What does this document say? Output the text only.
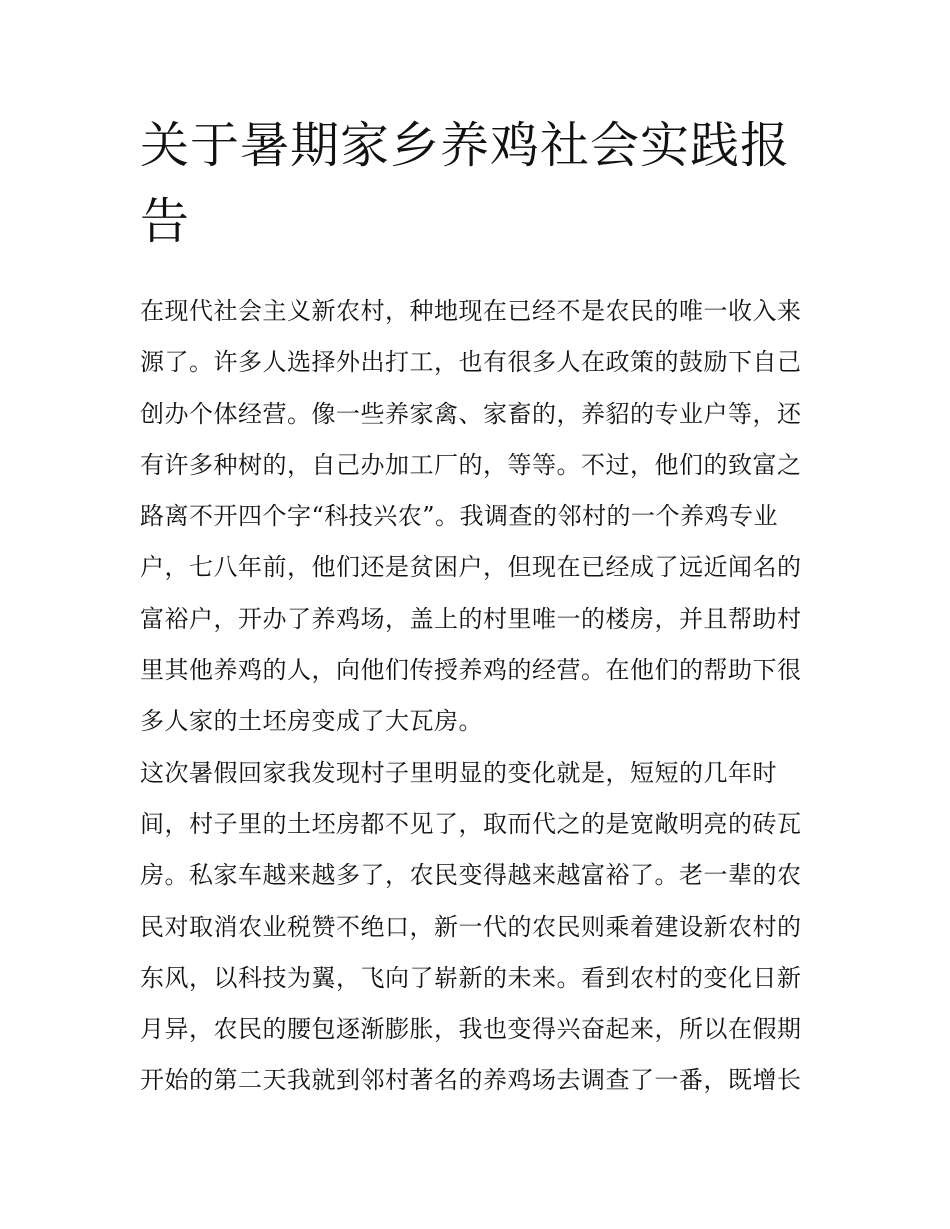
关于暑期家乡养鸡社会实践报
告

在现代社会主义新农村，种地现在已经不是农民的唯一收入来
源了。许多人选择外出打工，也有很多人在政策的鼓励下自己
创办个体经营。像一些养家禽、家畜的，养貂的专业户等，还
有许多种树的，自己办加工厂的，等等。不过，他们的致富之
路离不开四个字“科技兴农”。我调查的邻村的一个养鸡专业
户，七八年前，他们还是贫困户，但现在已经成了远近闻名的
富裕户，开办了养鸡场，盖上的村里唯一的楼房，并且帮助村
里其他养鸡的人，向他们传授养鸡的经营。在他们的帮助下很
多人家的土坯房变成了大瓦房。

这次暑假回家我发现村子里明显的变化就是，短短的几年时
间，村子里的土坯房都不见了，取而代之的是宽敞明亮的砖瓦
房。私家车越来越多了，农民变得越来越富裕了。老一辈的农
民对取消农业税赞不绝口，新一代的农民则乘着建设新农村的
东风，以科技为翼，飞向了崭新的未来。看到农村的变化日新
月异，农民的腰包逐渐膨胀，我也变得兴奋起来，所以在假期
开始的第二天我就到邻村著名的养鸡场去调查了一番，既增长
